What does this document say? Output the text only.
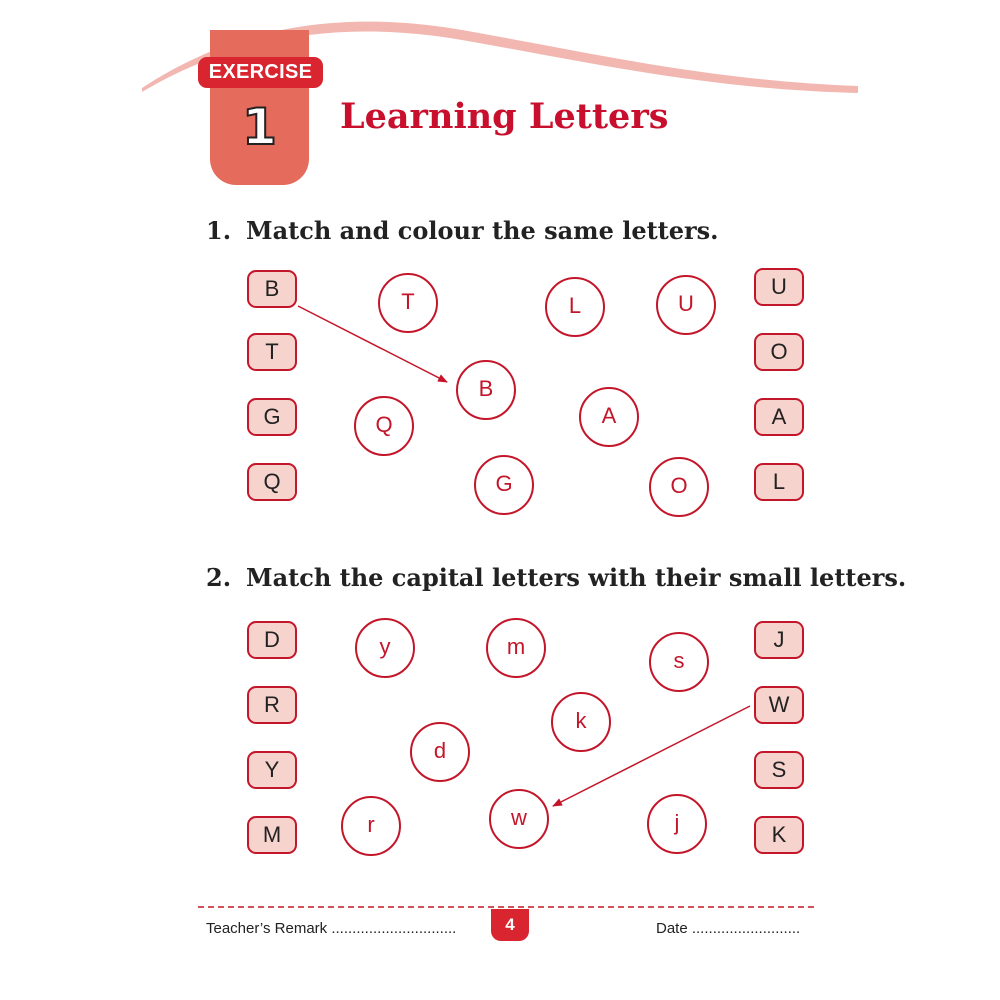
EXERCISE
1	Learning Letters
1. Match and colour the same letters.
B
T
G
Q
U
O
A
L
T	L	U
B
Q	A
G	O
2. Match the capital letters with their small letters.
D
R
Y
M
J
W
S
K
y	m
s
k
d
r	w	j
Teacher’s Remark ..............................	4	Date ..........................
